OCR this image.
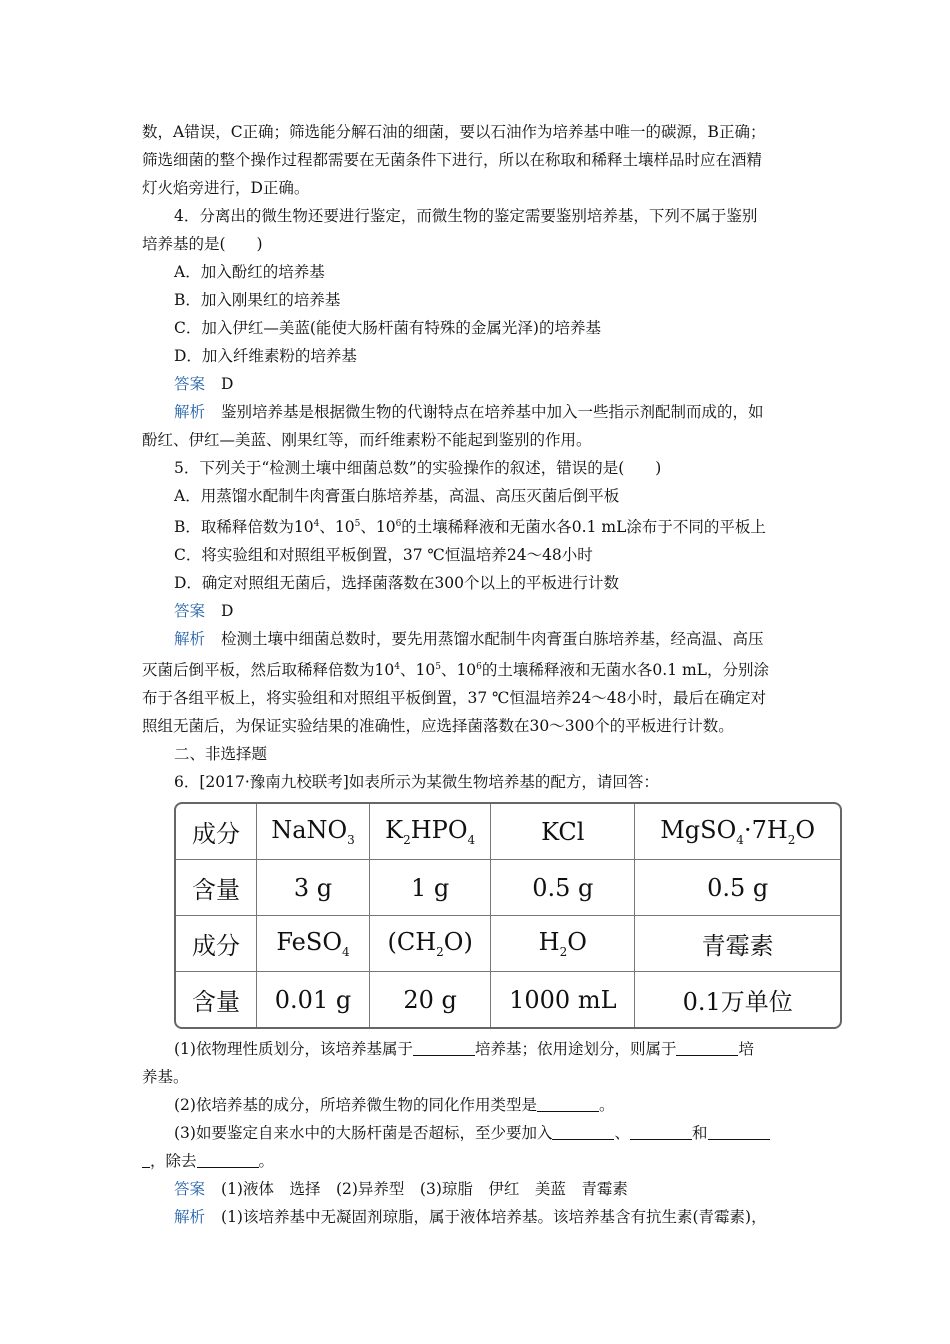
数，A错误，C正确；筛选能分解石油的细菌，要以石油作为培养基中唯一的碳源，B正确；
筛选细菌的整个操作过程都需要在无菌条件下进行，所以在称取和稀释土壤样品时应在酒精
灯火焰旁进行，D正确。
4．分离出的微生物还要进行鉴定，而微生物的鉴定需要鉴别培养基，下列不属于鉴别
培养基的是(　　)
A．加入酚红的培养基
B．加入刚果红的培养基
C．加入伊红—美蓝(能使大肠杆菌有特殊的金属光泽)的培养基
D．加入纤维素粉的培养基
答案 D
解析 鉴别培养基是根据微生物的代谢特点在培养基中加入一些指示剂配制而成的，如
酚红、伊红—美蓝、刚果红等，而纤维素粉不能起到鉴别的作用。
5．下列关于“检测土壤中细菌总数”的实验操作的叙述，错误的是(　　)
A．用蒸馏水配制牛肉膏蛋白胨培养基，高温、高压灭菌后倒平板
B．取稀释倍数为$10^4$、$10^5$、$10^6$的土壤稀释液和无菌水各0.1 mL涂布于不同的平板上
C．将实验组和对照组平板倒置，37 ℃恒温培养24～48小时
D．确定对照组无菌后，选择菌落数在300个以上的平板进行计数
答案 D
解析 检测土壤中细菌总数时，要先用蒸馏水配制牛肉膏蛋白胨培养基，经高温、高压
灭菌后倒平板，然后取稀释倍数为$10^4$、$10^5$、$10^6$的土壤稀释液和无菌水各0.1 mL，分别涂
布于各组平板上，将实验组和对照组平板倒置，37 ℃恒温培养24～48小时，最后在确定对
照组无菌后，为保证实验结果的准确性，应选择菌落数在30～300个的平板进行计数。
二、非选择题
6．[2017·豫南九校联考]如表所示为某微生物培养基的配方，请回答：
成分	NaNO$_3$	$K_2HPO_4$	KCl	$MgSO_4\cdot 7H_2O$
含量	3 g	1 g	0.5 g	0.5 g
成分	FeSO$_4$	$(CH_2O)$	$H_2O$	青霉素
含量	0.01 g	20 g	1000 mL	0.1万单位
(1)依物理性质划分，该培养基属于	培养基；依用途划分，则属于	培
养基。
(2)依培养基的成分，所培养微生物的同化作用类型是	。
(3)如要鉴定自来水中的大肠杆菌是否超标，至少要加入	、	和
，除去	。
答案 (1)液体　选择　(2)异养型　(3)琼脂　伊红　美蓝　青霉素
解析 (1)该培养基中无凝固剂琼脂，属于液体培养基。该培养基含有抗生素(青霉素)，
